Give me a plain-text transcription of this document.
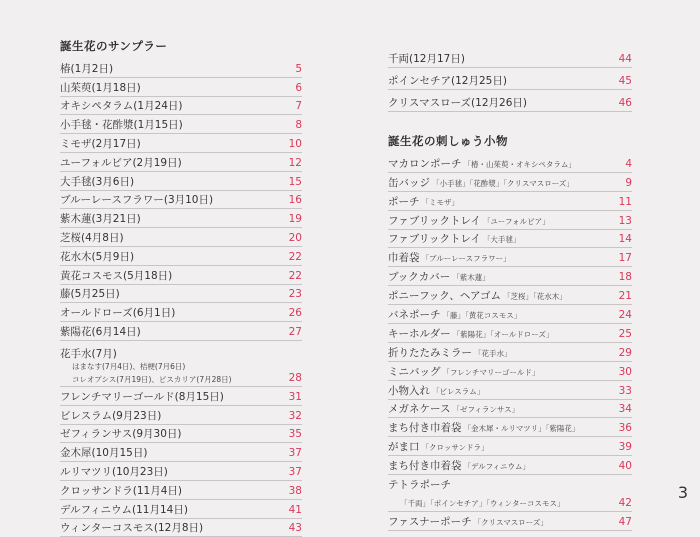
誕生花のサンプラー
椿(1月2日)	5
山茱萸(1月18日)	6
オキシペタラム(1月24日)	7
小手毬・花酢漿(1月15日)	8
ミモザ(2月17日)	10
ユーフォルビア(2月19日)	12
大手毬(3月6日)	15
ブルーレースフラワー(3月10日)	16
紫木蓮(3月21日)	19
芝桜(4月8日)	20
花水木(5月9日)	22
黄花コスモス(5月18日)	22
藤(5月25日)	23
オールドローズ(6月1日)	26
紫陽花(6月14日)	27
花手水(7月)
はまなす(7月4日)、桔梗(7月6日)
コレオプシス(7月19日)、ビスカリア(7月28日)	28
フレンチマリーゴールド(8月15日)	31
ビレスラム(9月23日)	32
ゼフィランサス(9月30日)	35
金木犀(10月15日)	37
ルリマツリ(10月23日)	37
クロッサンドラ(11月4日)	38
デルフィニウム(11月14日)	41
ウィンターコスモス(12月8日)	43
千両(12月17日)	44
ポインセチア(12月25日)	45
クリスマスローズ(12月26日)	46
誕生花の刺しゅう小物
マカロンポーチ 「椿・山茱萸・オキシペタラム」	4
缶バッジ 「小手毬」「花酢漿」「クリスマスローズ」	9
ポーチ 「ミモザ」	11
ファブリックトレイ 「ユーフォルビア」	13
ファブリックトレイ 「大手毬」	14
巾着袋 「ブルーレースフラワー」	17
ブックカバー 「紫木蓮」	18
ポニーフック、ヘアゴム 「芝桜」「花水木」	21
バネポーチ 「藤」「黄花コスモス」	24
キーホルダー 「紫陽花」「オールドローズ」	25
折りたたみミラー 「花手水」	29
ミニバッグ 「フレンチマリーゴールド」	30
小物入れ 「ビレスラム」	33
メガネケース 「ゼフィランサス」	34
まち付き巾着袋 「金木犀・ルリマツリ」「紫陽花」	36
がま口 「クロッサンドラ」	39
まち付き巾着袋 「デルフィニウム」	40
テトラポーチ
「千両」「ポインセチア」「ウィンターコスモス」	42
ファスナーポーチ 「クリスマスローズ」	47
3
